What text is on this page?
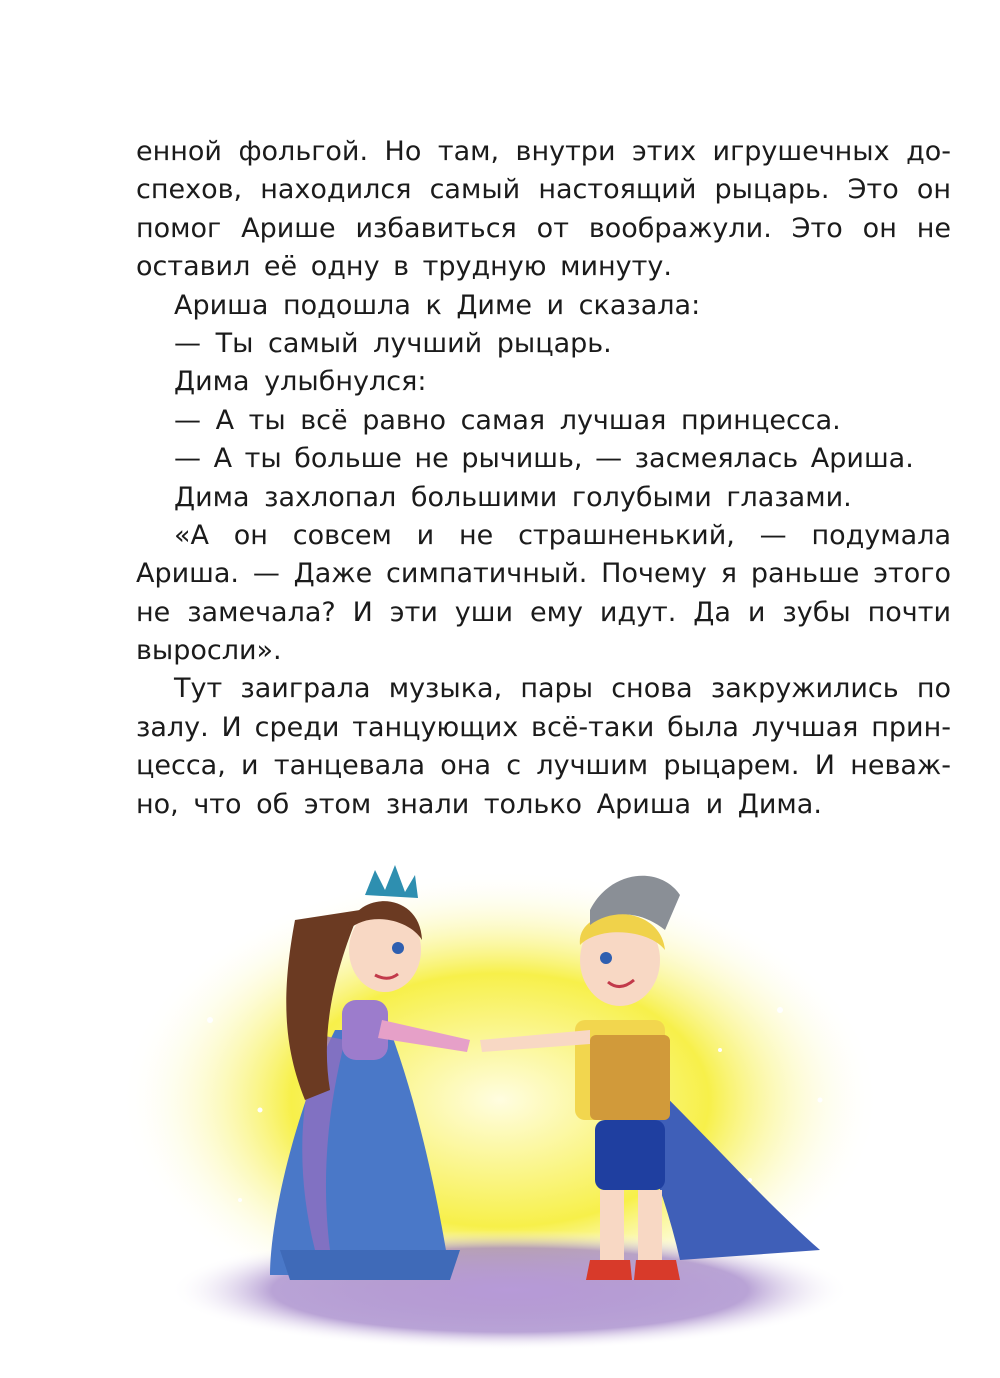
енной фольгой. Но там, внутри этих игрушечных до-
спехов, находился самый настоящий рыцарь. Это он
помог Арише избавиться от воображули. Это он не
оставил её одну в трудную минуту.
Ариша подошла к Диме и сказала:
— Ты самый лучший рыцарь.
Дима улыбнулся:
— А ты всё равно самая лучшая принцесса.
— А ты больше не рычишь, — засмеялась Ариша.
Дима захлопал большими голубыми глазами.
«А он совсем и не страшненький, — подумала
Ариша. — Даже симпатичный. Почему я раньше этого
не замечала? И эти уши ему идут. Да и зубы почти
выросли».
Тут заиграла музыка, пары снова закружились по
залу. И среди танцующих всё-таки была лучшая прин-
цесса, и танцевала она с лучшим рыцарем. И неваж-
но, что об этом знали только Ариша и Дима.
